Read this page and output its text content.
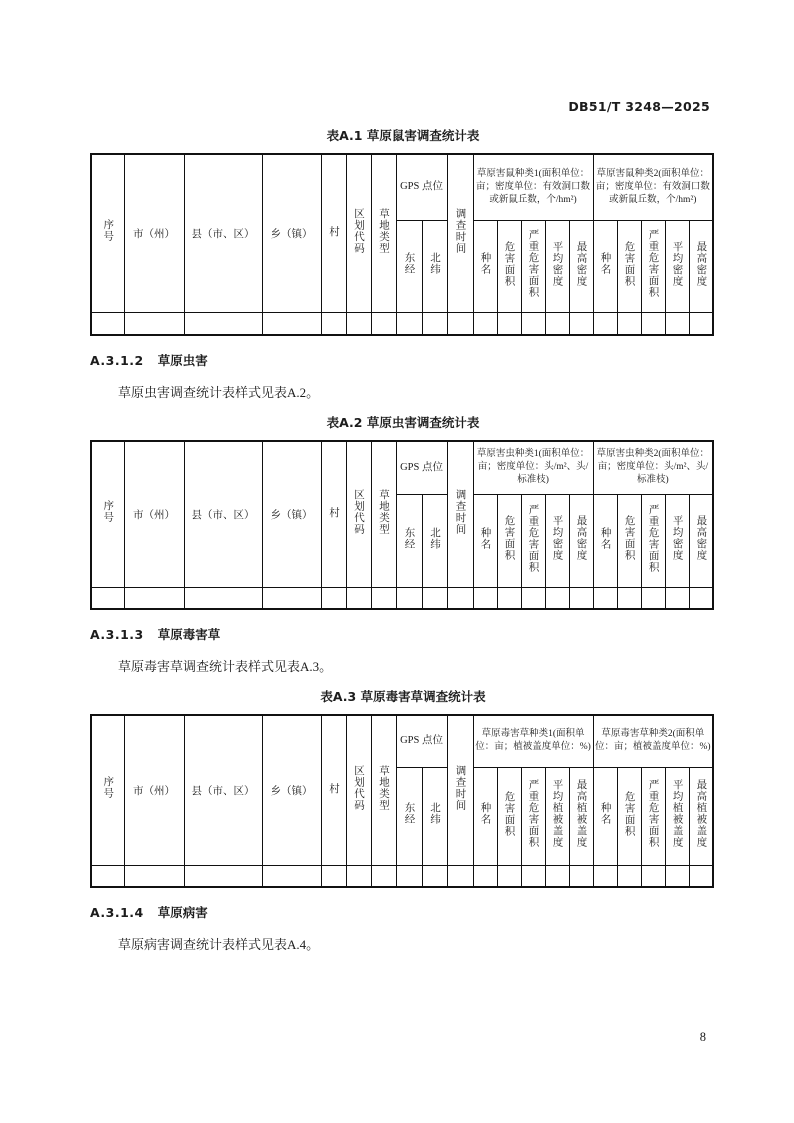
DB51/T 3248—2025
表A.1 草原鼠害调查统计表
序号	市（州）	县（市、区）	乡（镇）	村	区划代码	草地类型	GPS 点位		调查时间	草原害鼠种类1(面积单位：亩；密度单位：有效洞口数或新鼠丘数，个/hm²)					草原害鼠种类2(面积单位：亩；密度单位：有效洞口数或新鼠丘数，个/hm²)				
							东经	北纬		种名	危害面积	严重危害面积	平均密度	最高密度	种名	危害面积	严重危害面积	平均密度	最高密度

A.3.1.2 草原虫害
草原虫害调查统计表样式见表A.2。
表A.2 草原虫害调查统计表
序号	市（州）	县（市、区）	乡（镇）	村	区划代码	草地类型	GPS 点位		调查时间	草原害虫种类1(面积单位：亩；密度单位：头/m²、头/标准枝)					草原害虫种类2(面积单位：亩；密度单位：头/m²、头/标准枝)				
							东经	北纬		种名	危害面积	严重危害面积	平均密度	最高密度	种名	危害面积	严重危害面积	平均密度	最高密度

A.3.1.3 草原毒害草
草原毒害草调查统计表样式见表A.3。
表A.3 草原毒害草调查统计表
序号	市（州）	县（市、区）	乡（镇）	村	区划代码	草地类型	GPS 点位		调查时间	草原毒害草种类1(面积单位：亩；植被盖度单位：%)					草原毒害草种类2(面积单位：亩；植被盖度单位：%)				
							东经	北纬		种名	危害面积	严重危害面积	平均植被盖度	最高植被盖度	种名	危害面积	严重危害面积	平均植被盖度	最高植被盖度

A.3.1.4 草原病害
草原病害调查统计表样式见表A.4。
8
